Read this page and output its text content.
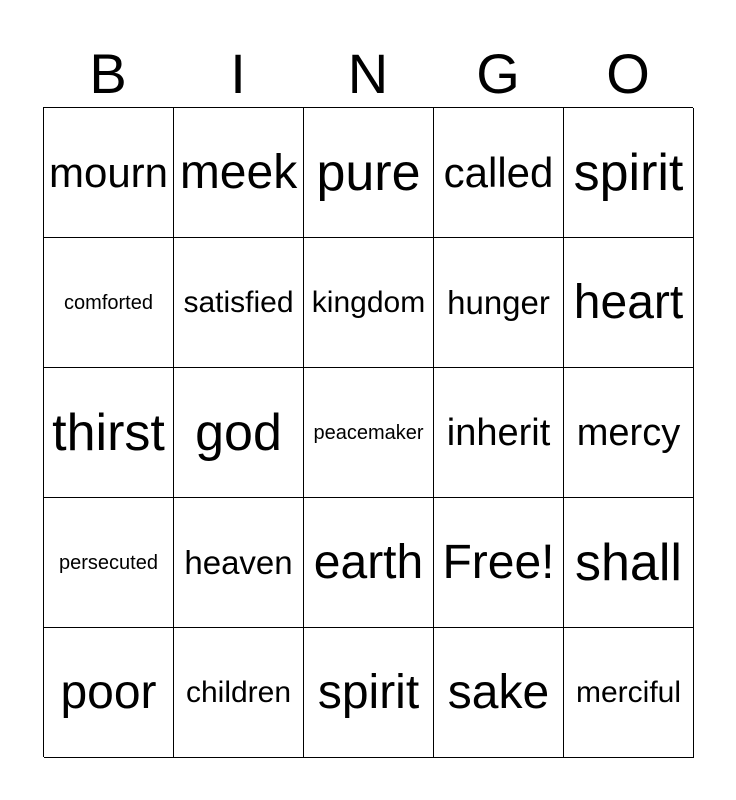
B	I	N	G	O
mourn meek pure called spirit
comforted	satisfied kingdom hunger heart
thirst god	peacemaker inherit mercy
persecuted heaven earth Free! shall
poor children spirit sake merciful
